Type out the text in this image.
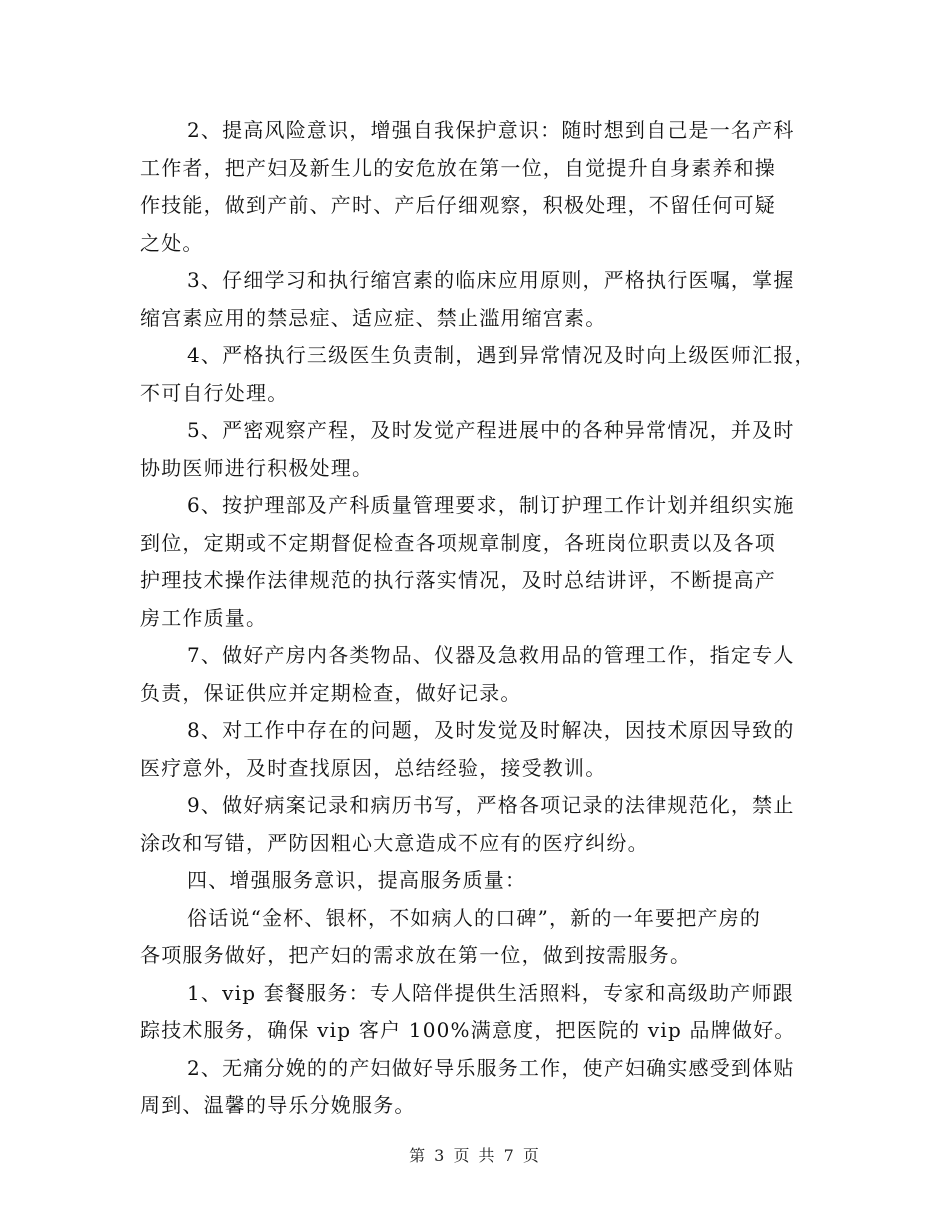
2、提高风险意识，增强自我保护意识：随时想到自己是一名产科
工作者，把产妇及新生儿的安危放在第一位，自觉提升自身素养和操
作技能，做到产前、产时、产后仔细观察，积极处理，不留任何可疑
之处。

3、仔细学习和执行缩宫素的临床应用原则，严格执行医嘱，掌握
缩宫素应用的禁忌症、适应症、禁止滥用缩宫素。

4、严格执行三级医生负责制，遇到异常情况及时向上级医师汇报，
不可自行处理。

5、严密观察产程，及时发觉产程进展中的各种异常情况，并及时
协助医师进行积极处理。

6、按护理部及产科质量管理要求，制订护理工作计划并组织实施
到位，定期或不定期督促检查各项规章制度，各班岗位职责以及各项
护理技术操作法律规范的执行落实情况，及时总结讲评，不断提高产
房工作质量。

7、做好产房内各类物品、仪器及急救用品的管理工作，指定专人
负责，保证供应并定期检查，做好记录。

8、对工作中存在的问题，及时发觉及时解决，因技术原因导致的
医疗意外，及时查找原因，总结经验，接受教训。

9、做好病案记录和病历书写，严格各项记录的法律规范化，禁止
涂改和写错，严防因粗心大意造成不应有的医疗纠纷。

四、增强服务意识，提高服务质量：

俗话说“金杯、银杯，不如病人的口碑”，新的一年要把产房的
各项服务做好，把产妇的需求放在第一位，做到按需服务。

1、vip 套餐服务：专人陪伴提供生活照料，专家和高级助产师跟
踪技术服务，确保 vip 客户 100%满意度，把医院的 vip 品牌做好。

2、无痛分娩的的产妇做好导乐服务工作，使产妇确实感受到体贴
周到、温馨的导乐分娩服务。

第 3 页 共 7 页
